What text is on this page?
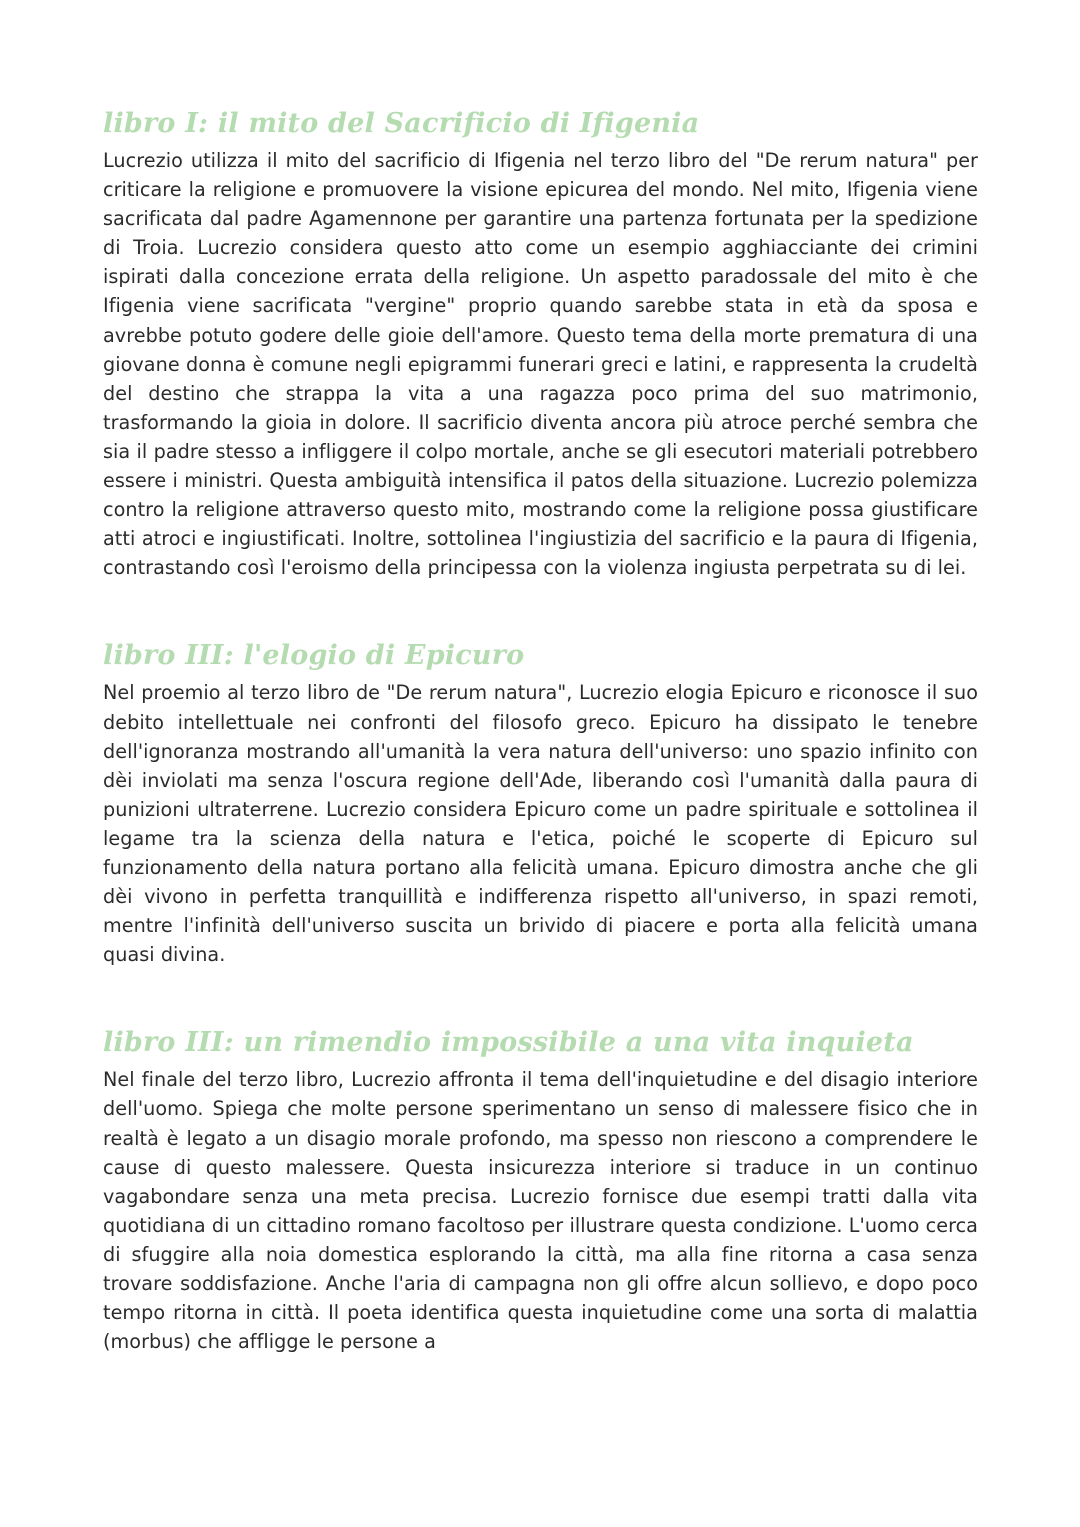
libro I: il mito del Sacrificio di Ifigenia

Lucrezio utilizza il mito del sacrificio di Ifigenia nel terzo libro del "De rerum natura" per criticare la religione e promuovere la visione epicurea del mondo. Nel mito, Ifigenia viene sacrificata dal padre Agamennone per garantire una partenza fortunata per la spedizione di Troia. Lucrezio considera questo atto come un esempio agghiacciante dei crimini ispirati dalla concezione errata della religione. Un aspetto paradossale del mito è che Ifigenia viene sacrificata "vergine" proprio quando sarebbe stata in età da sposa e avrebbe potuto godere delle gioie dell'amore. Questo tema della morte prematura di una giovane donna è comune negli epigrammi funerari greci e latini, e rappresenta la crudeltà del destino che strappa la vita a una ragazza poco prima del suo matrimonio, trasformando la gioia in dolore. Il sacrificio diventa ancora più atroce perché sembra che sia il padre stesso a infliggere il colpo mortale, anche se gli esecutori materiali potrebbero essere i ministri. Questa ambiguità intensifica il patos della situazione. Lucrezio polemizza contro la religione attraverso questo mito, mostrando come la religione possa giustificare atti atroci e ingiustificati. Inoltre, sottolinea l'ingiustizia del sacrificio e la paura di Ifigenia, contrastando così l'eroismo della principessa con la violenza ingiusta perpetrata su di lei.

libro III: l'elogio di Epicuro

Nel proemio al terzo libro de "De rerum natura", Lucrezio elogia Epicuro e riconosce il suo debito intellettuale nei confronti del filosofo greco. Epicuro ha dissipato le tenebre dell'ignoranza mostrando all'umanità la vera natura dell'universo: uno spazio infinito con dèi inviolati ma senza l'oscura regione dell'Ade, liberando così l'umanità dalla paura di punizioni ultraterrene. Lucrezio considera Epicuro come un padre spirituale e sottolinea il legame tra la scienza della natura e l'etica, poiché le scoperte di Epicuro sul funzionamento della natura portano alla felicità umana. Epicuro dimostra anche che gli dèi vivono in perfetta tranquillità e indifferenza rispetto all'universo, in spazi remoti, mentre l'infinità dell'universo suscita un brivido di piacere e porta alla felicità umana quasi divina.

libro III: un rimendio impossibile a una vita inquieta

Nel finale del terzo libro, Lucrezio affronta il tema dell'inquietudine e del disagio interiore dell'uomo. Spiega che molte persone sperimentano un senso di malessere fisico che in realtà è legato a un disagio morale profondo, ma spesso non riescono a comprendere le cause di questo malessere. Questa insicurezza interiore si traduce in un continuo vagabondare senza una meta precisa. Lucrezio fornisce due esempi tratti dalla vita quotidiana di un cittadino romano facoltoso per illustrare questa condizione. L'uomo cerca di sfuggire alla noia domestica esplorando la città, ma alla fine ritorna a casa senza trovare soddisfazione. Anche l'aria di campagna non gli offre alcun sollievo, e dopo poco tempo ritorna in città. Il poeta identifica questa inquietudine come una sorta di malattia (morbus) che affligge le persone a
